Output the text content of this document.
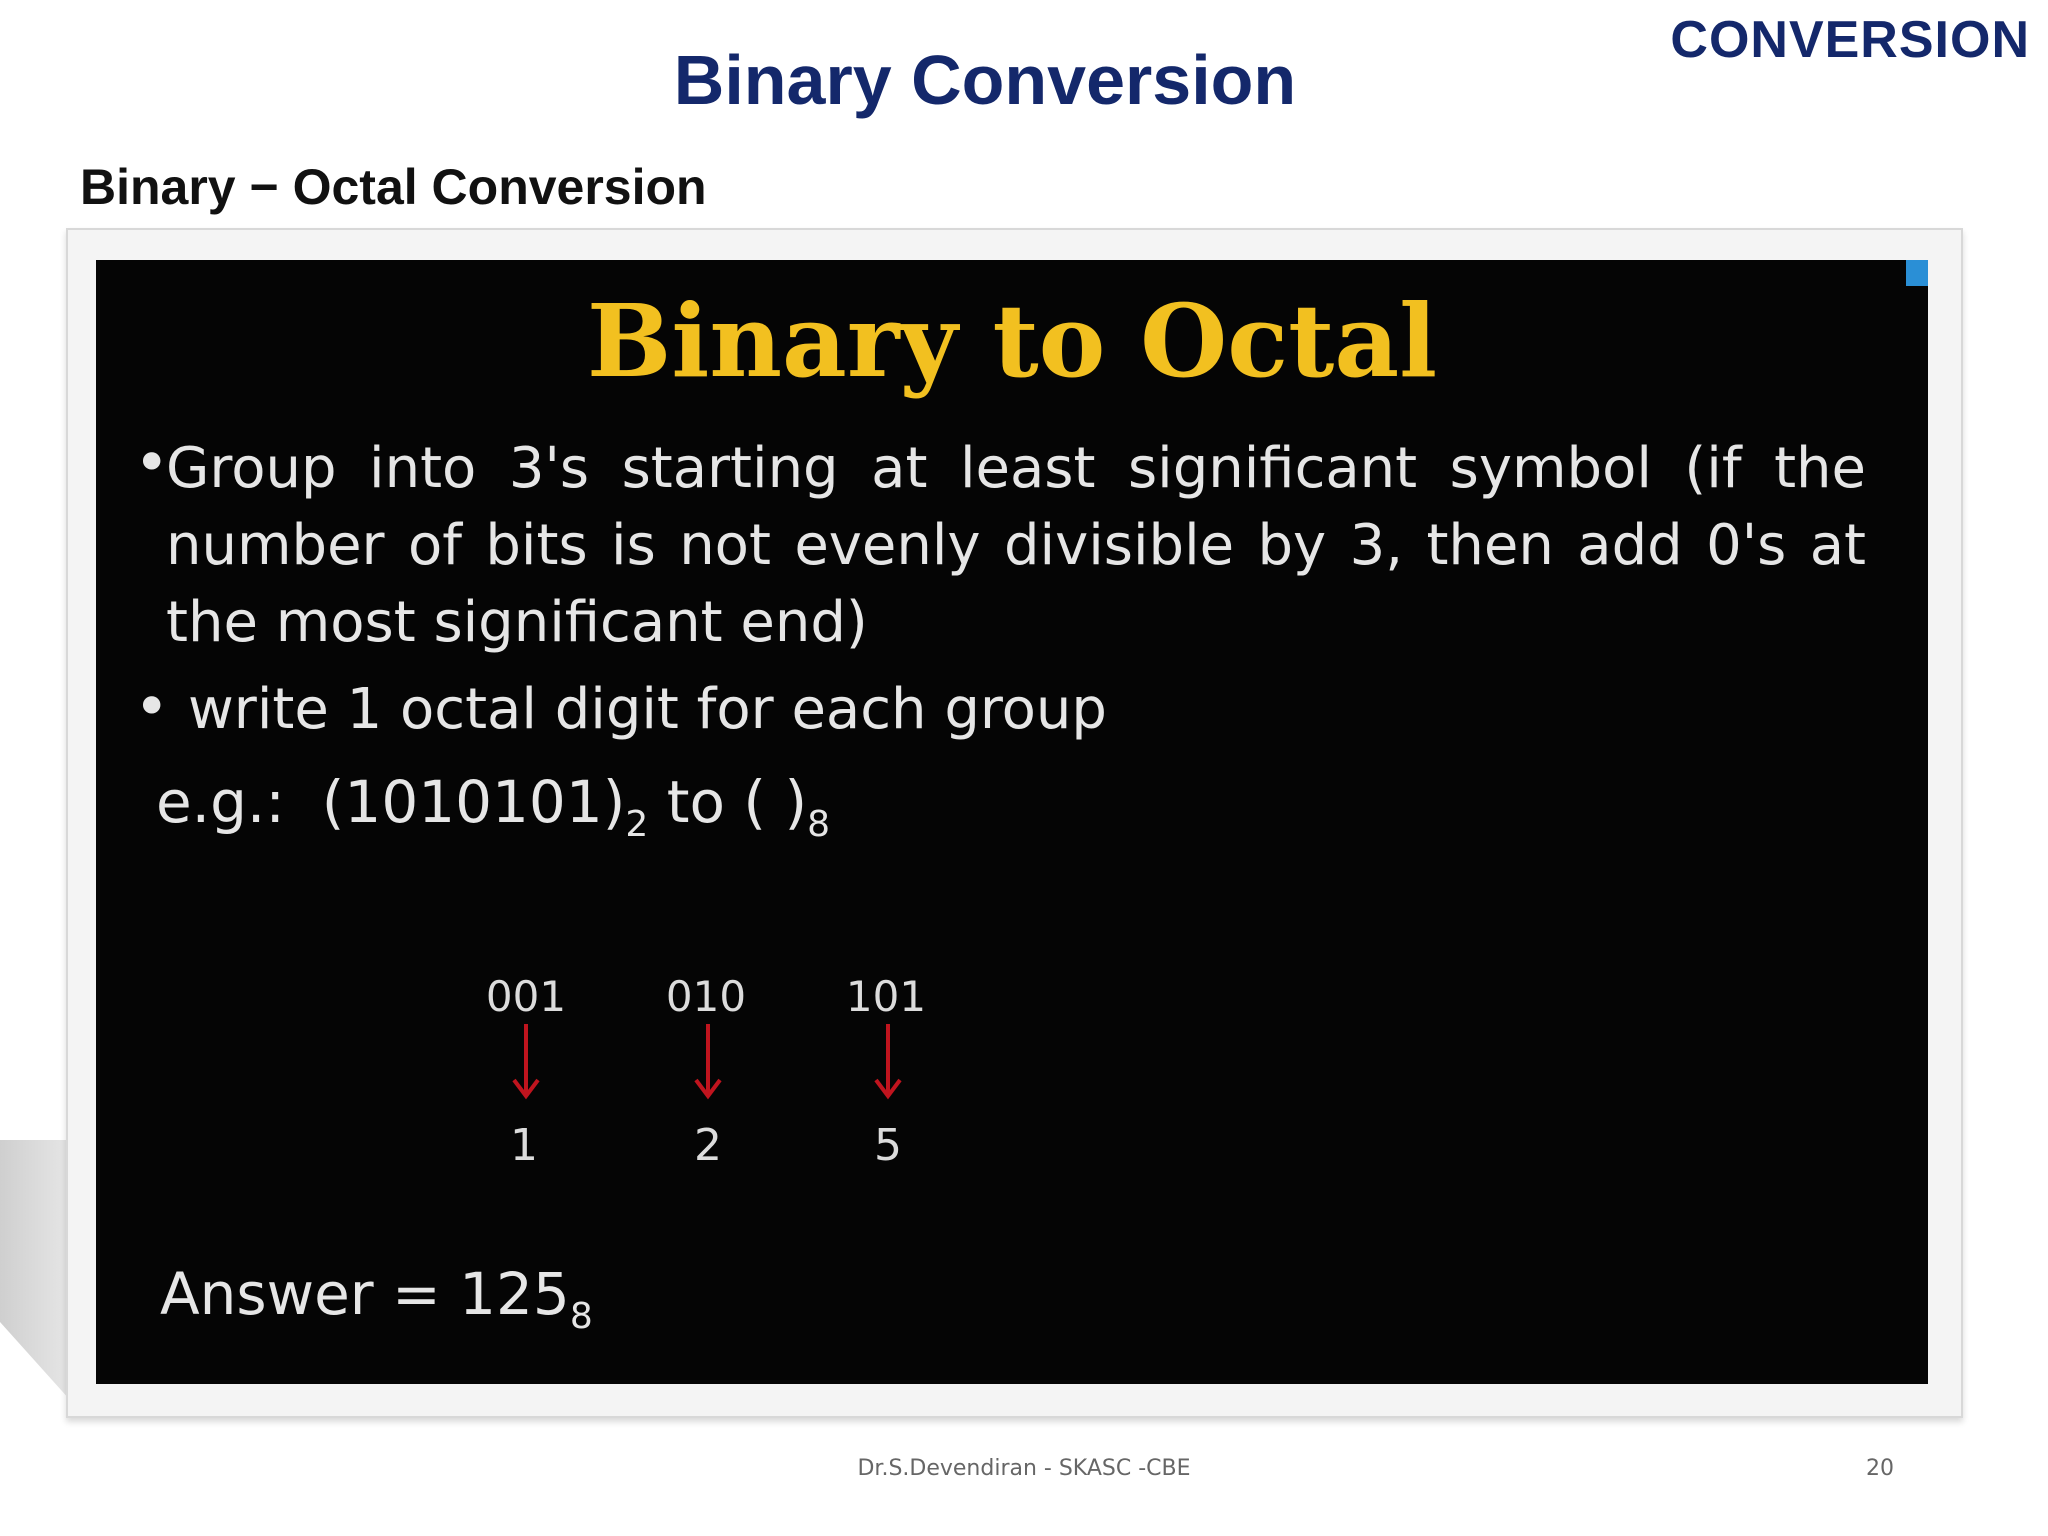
CONVERSION
Binary Conversion
Binary − Octal Conversion
Binary to Octal
•
Group into 3's starting at least significant symbol (if the number of bits is not evenly divisible by 3, then add 0's at the most significant end)
• write 1 octal digit for each group
e.g.: $(1010101)_2$ to ( )$_8$
001
1
010
2
101
5
Answer = $125_8$
Dr.S.Devendiran - SKASC -CBE	20
